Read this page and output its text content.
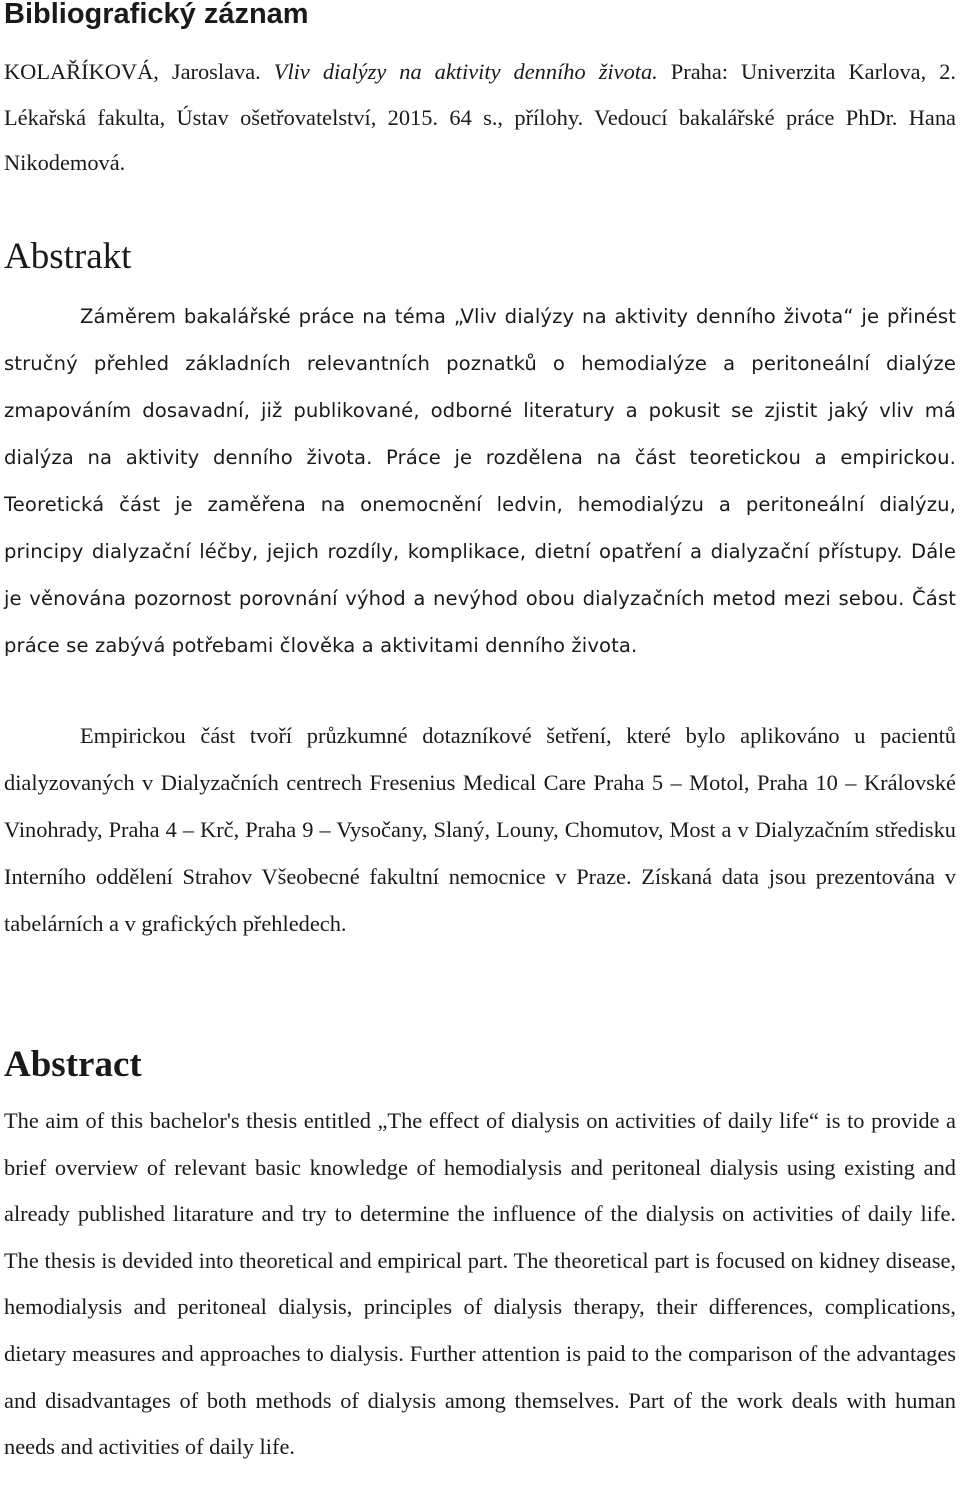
Bibliografický záznam

KOLAŘÍKOVÁ, Jaroslava. Vliv dialýzy na aktivity denního života. Praha: Univerzita Karlova, 2. Lékařská fakulta, Ústav ošetřovatelství, 2015. 64 s., přílohy. Vedoucí bakalářské práce PhDr. Hana Nikodemová.

Abstrakt

Záměrem bakalářské práce na téma „Vliv dialýzy na aktivity denního života“ je přinést stručný přehled základních relevantních poznatků o hemodialýze a peritoneální dialýze zmapováním dosavadní, již publikované, odborné literatury a pokusit se zjistit jaký vliv má dialýza na aktivity denního života. Práce je rozdělena na část teoretickou a empirickou. Teoretická část je zaměřena na onemocnění ledvin, hemodialýzu a peritoneální dialýzu, principy dialyzační léčby, jejich rozdíly, komplikace, dietní opatření a dialyzační přístupy. Dále je věnována pozornost porovnání výhod a nevýhod obou dialyzačních metod mezi sebou. Část práce se zabývá potřebami člověka a aktivitami denního života.

Empirickou část tvoří průzkumné dotazníkové šetření, které bylo aplikováno u pacientů dialyzovaných v Dialyzačních centrech Fresenius Medical Care Praha 5 – Motol, Praha 10 – Královské Vinohrady, Praha 4 – Krč, Praha 9 – Vysočany, Slaný, Louny, Chomutov, Most a v Dialyzačním středisku Interního oddělení Strahov Všeobecné fakultní nemocnice v Praze. Získaná data jsou prezentována v tabelárních a v grafických přehledech.

Abstract

The aim of this bachelor's thesis entitled „The effect of dialysis on activities of daily life“ is to provide a brief overview of relevant basic knowledge of hemodialysis and peritoneal dialysis using existing and already published litarature and try to determine the influence of the dialysis on activities of daily life. The thesis is devided into theoretical and empirical part. The theoretical part is focused on kidney disease, hemodialysis and peritoneal dialysis, principles of dialysis therapy, their differences, complications, dietary measures and approaches to dialysis. Further attention is paid to the comparison of the advantages and disadvantages of both methods of dialysis among themselves. Part of the work deals with human needs and activities of daily life.
